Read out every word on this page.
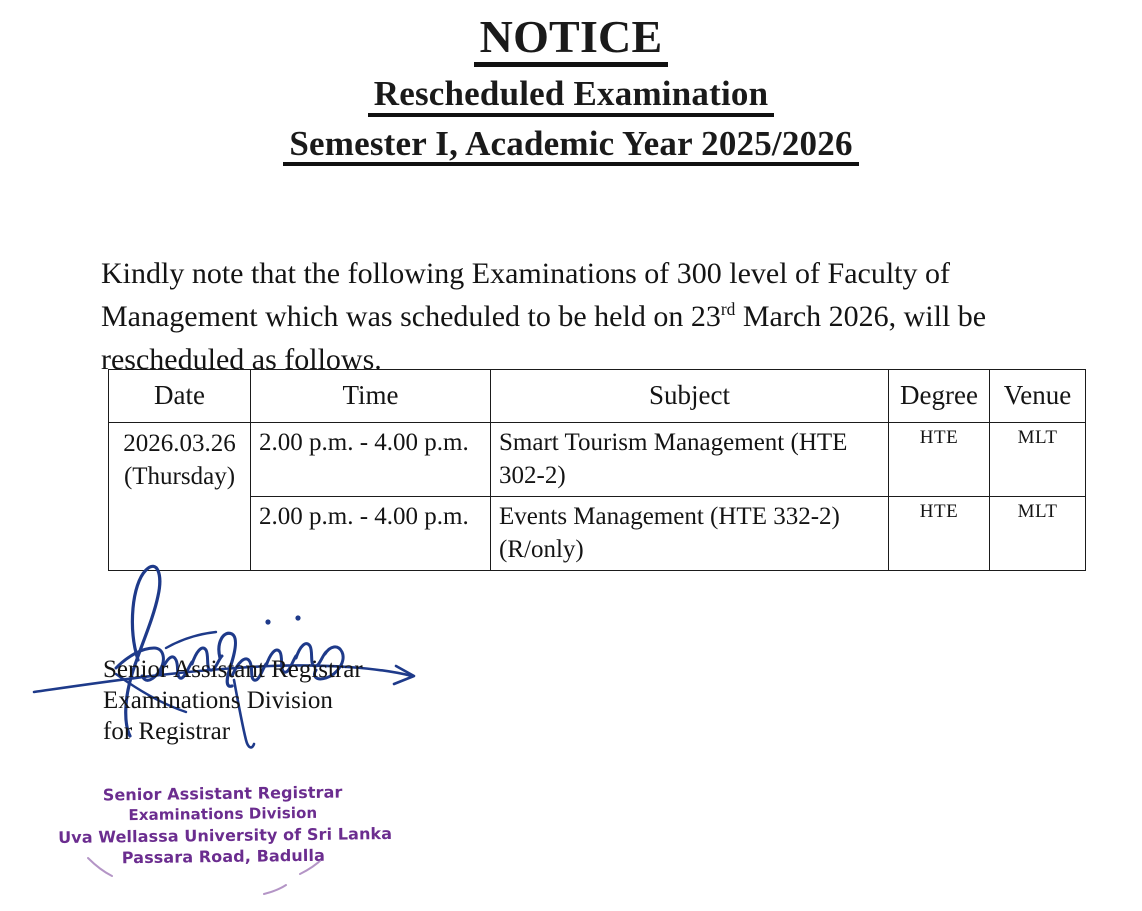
NOTICE
Rescheduled Examination
Semester I, Academic Year 2025/2026

Kindly note that the following Examinations of 300 level of Faculty of Management which was scheduled to be held on 23rd March 2026, will be rescheduled as follows.

Date	Time	Subject	Degree	Venue
2026.03.26 (Thursday)	2.00 p.m. - 4.00 p.m.	Smart Tourism Management (HTE 302-2)	HTE	MLT
	2.00 p.m. - 4.00 p.m.	Events Management (HTE 332-2) (R/only)	HTE	MLT
Senior Assistant Registrar
Examinations Division
for Registrar
Senior Assistant Registrar
Examinations Division
Uva Wellassa University of Sri Lanka
Passara Road, Badulla
